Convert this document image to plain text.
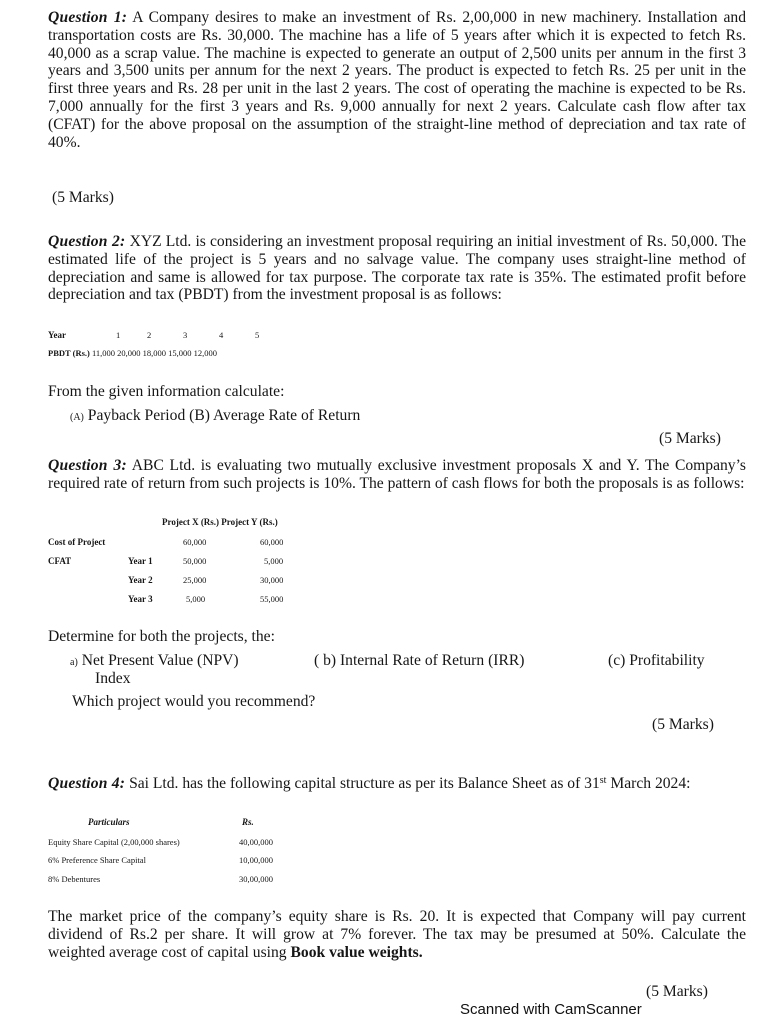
Question 1: A Company desires to make an investment of Rs. 2,00,000 in new machinery. Installation and transportation costs are Rs. 30,000. The machine has a life of 5 years after which it is expected to fetch Rs. 40,000 as a scrap value. The machine is expected to generate an output of 2,500 units per annum in the first 3 years and 3,500 units per annum for the next 2 years. The product is expected to fetch Rs. 25 per unit in the first three years and Rs. 28 per unit in the last 2 years. The cost of operating the machine is expected to be Rs. 7,000 annually for the first 3 years and Rs. 9,000 annually for next 2 years. Calculate cash flow after tax (CFAT) for the above proposal on the assumption of the straight-line method of depreciation and tax rate of 40%.
(5 Marks)
Question 2: XYZ Ltd. is considering an investment proposal requiring an initial investment of Rs. 50,000. The estimated life of the project is 5 years and no salvage value. The company uses straight-line method of depreciation and same is allowed for tax purpose. The corporate tax rate is 35%. The estimated profit before depreciation and tax (PBDT) from the investment proposal is as follows:
Year	1	2	3	4	5
PBDT (Rs.) 11,000 20,000 18,000 15,000 12,000
From the given information calculate:
(A) Payback Period (B) Average Rate of Return
(5 Marks)
Question 3: ABC Ltd. is evaluating two mutually exclusive investment proposals X and Y. The Company’s required rate of return from such projects is 10%. The pattern of cash flows for both the proposals is as follows:
Project X (Rs.) Project Y (Rs.)
Cost of Project	60,000	60,000
CFAT	Year 1	50,000	5,000
Year 2	25,000	30,000
Year 3	5,000	55,000
Determine for both the projects, the:
a) Net Present Value (NPV)	( b) Internal Rate of Return (IRR)	(c) Profitability
Index
Which project would you recommend?
(5 Marks)
Question 4: Sai Ltd. has the following capital structure as per its Balance Sheet as of 31st March 2024:
Particulars	Rs.
Equity Share Capital (2,00,000 shares)	40,00,000
6% Preference Share Capital	10,00,000
8% Debentures	30,00,000
The market price of the company’s equity share is Rs. 20. It is expected that Company will pay current dividend of Rs.2 per share. It will grow at 7% forever. The tax may be presumed at 50%. Calculate the weighted average cost of capital using Book value weights.
(5 Marks)
Scanned with CamScanner
